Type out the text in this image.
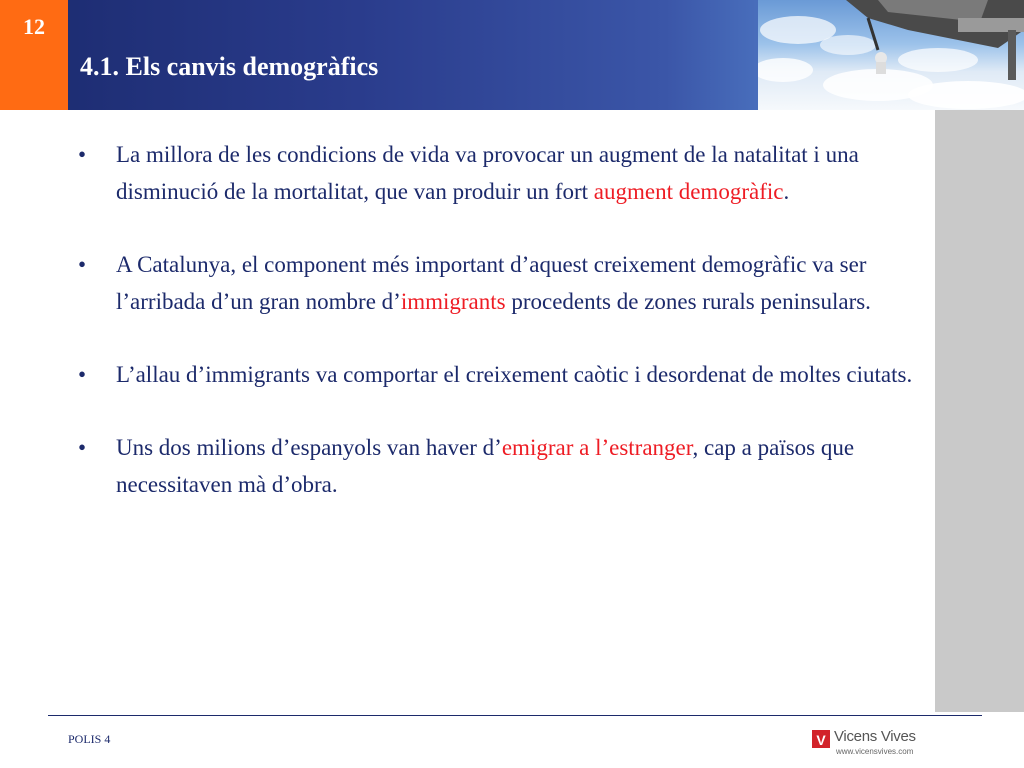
12
4.1. Els canvis demogràfics
• La millora de les condicions de vida va provocar un augment de la natalitat i una disminució de la mortalitat, que van produir un fort augment demogràfic.
• A Catalunya, el component més important d’aquest creixement demogràfic va ser l’arribada d’un gran nombre d’immigrants procedents de zones rurals peninsulars.
• L’allau d’immigrants va comportar el creixement caòtic i desordenat de moltes ciutats.
• Uns dos milions d’espanyols van haver d’emigrar a l’estranger, cap a països que necessitaven mà d’obra.
POLIS 4	V Vicens Vives
www.vicensvives.com
